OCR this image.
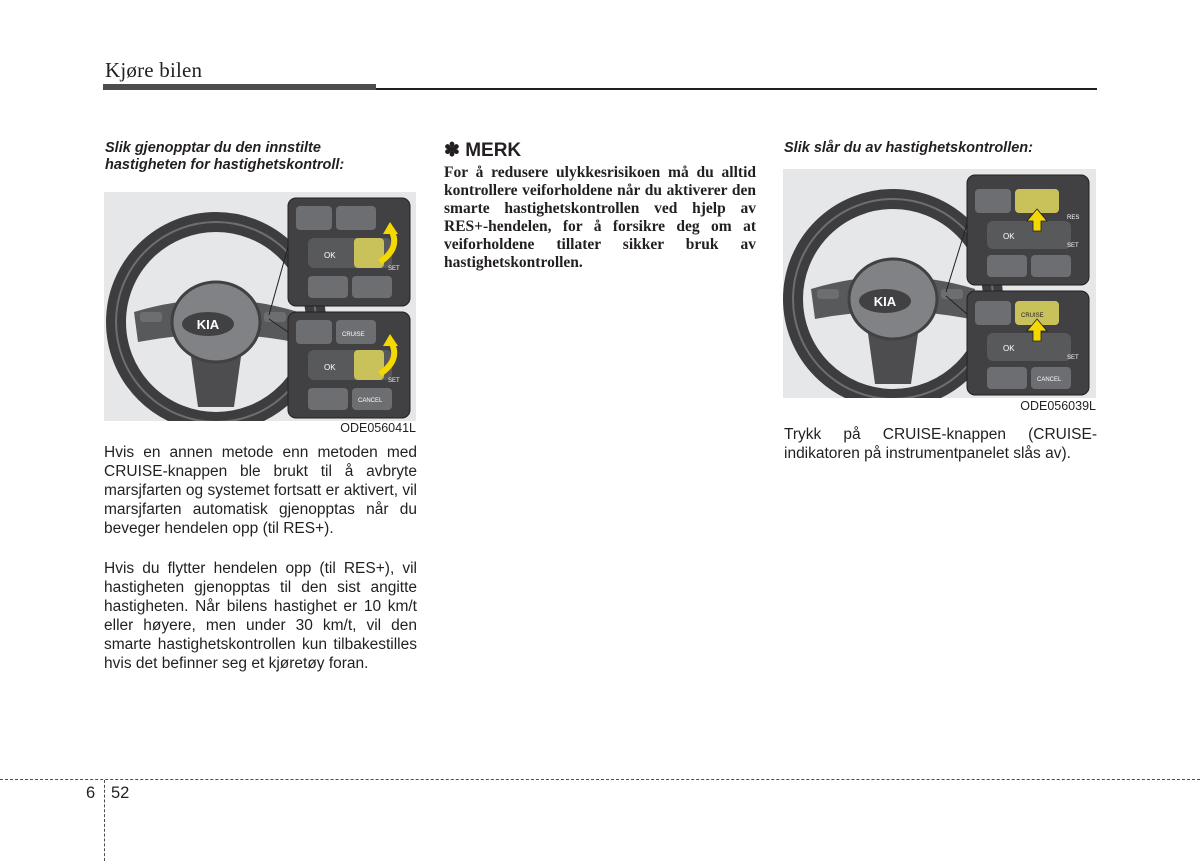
Kjøre bilen
Slik gjenopptar du den innstilte hastigheten for hastighetskontroll:
KIA
OK
SET
CRUISE
OK
SET
CANCEL
ODE056041L
Hvis en annen metode enn metoden med CRUISE-knappen ble brukt til å avbryte marsjfarten og systemet fortsatt er aktivert, vil marsjfarten automatisk gjenopptas når du beveger hendelen opp (til RES+).
Hvis du flytter hendelen opp (til RES+), vil hastigheten gjenopptas til den sist angitte hastigheten. Når bilens hastighet er 10 km/t eller høyere, men under 30 km/t, vil den smarte hastighetskontrollen kun tilbakestilles hvis det befinner seg et kjøretøy foran.
✽ MERK
For å redusere ulykkesrisikoen må du alltid kontrollere veiforholdene når du aktiverer den smarte hastighetskontrollen ved hjelp av RES+-hendelen, for å forsikre deg om at veiforholdene tillater sikker bruk av hastighetskontrollen.
Slik slår du av hastighetskontrollen:
KIA
OK
RES
SET
CRUISE
OK
SET
CANCEL
ODE056039L
Trykk på CRUISE-knappen (CRUISE-indikatoren på instrumentpanelet slås av).
6 52
